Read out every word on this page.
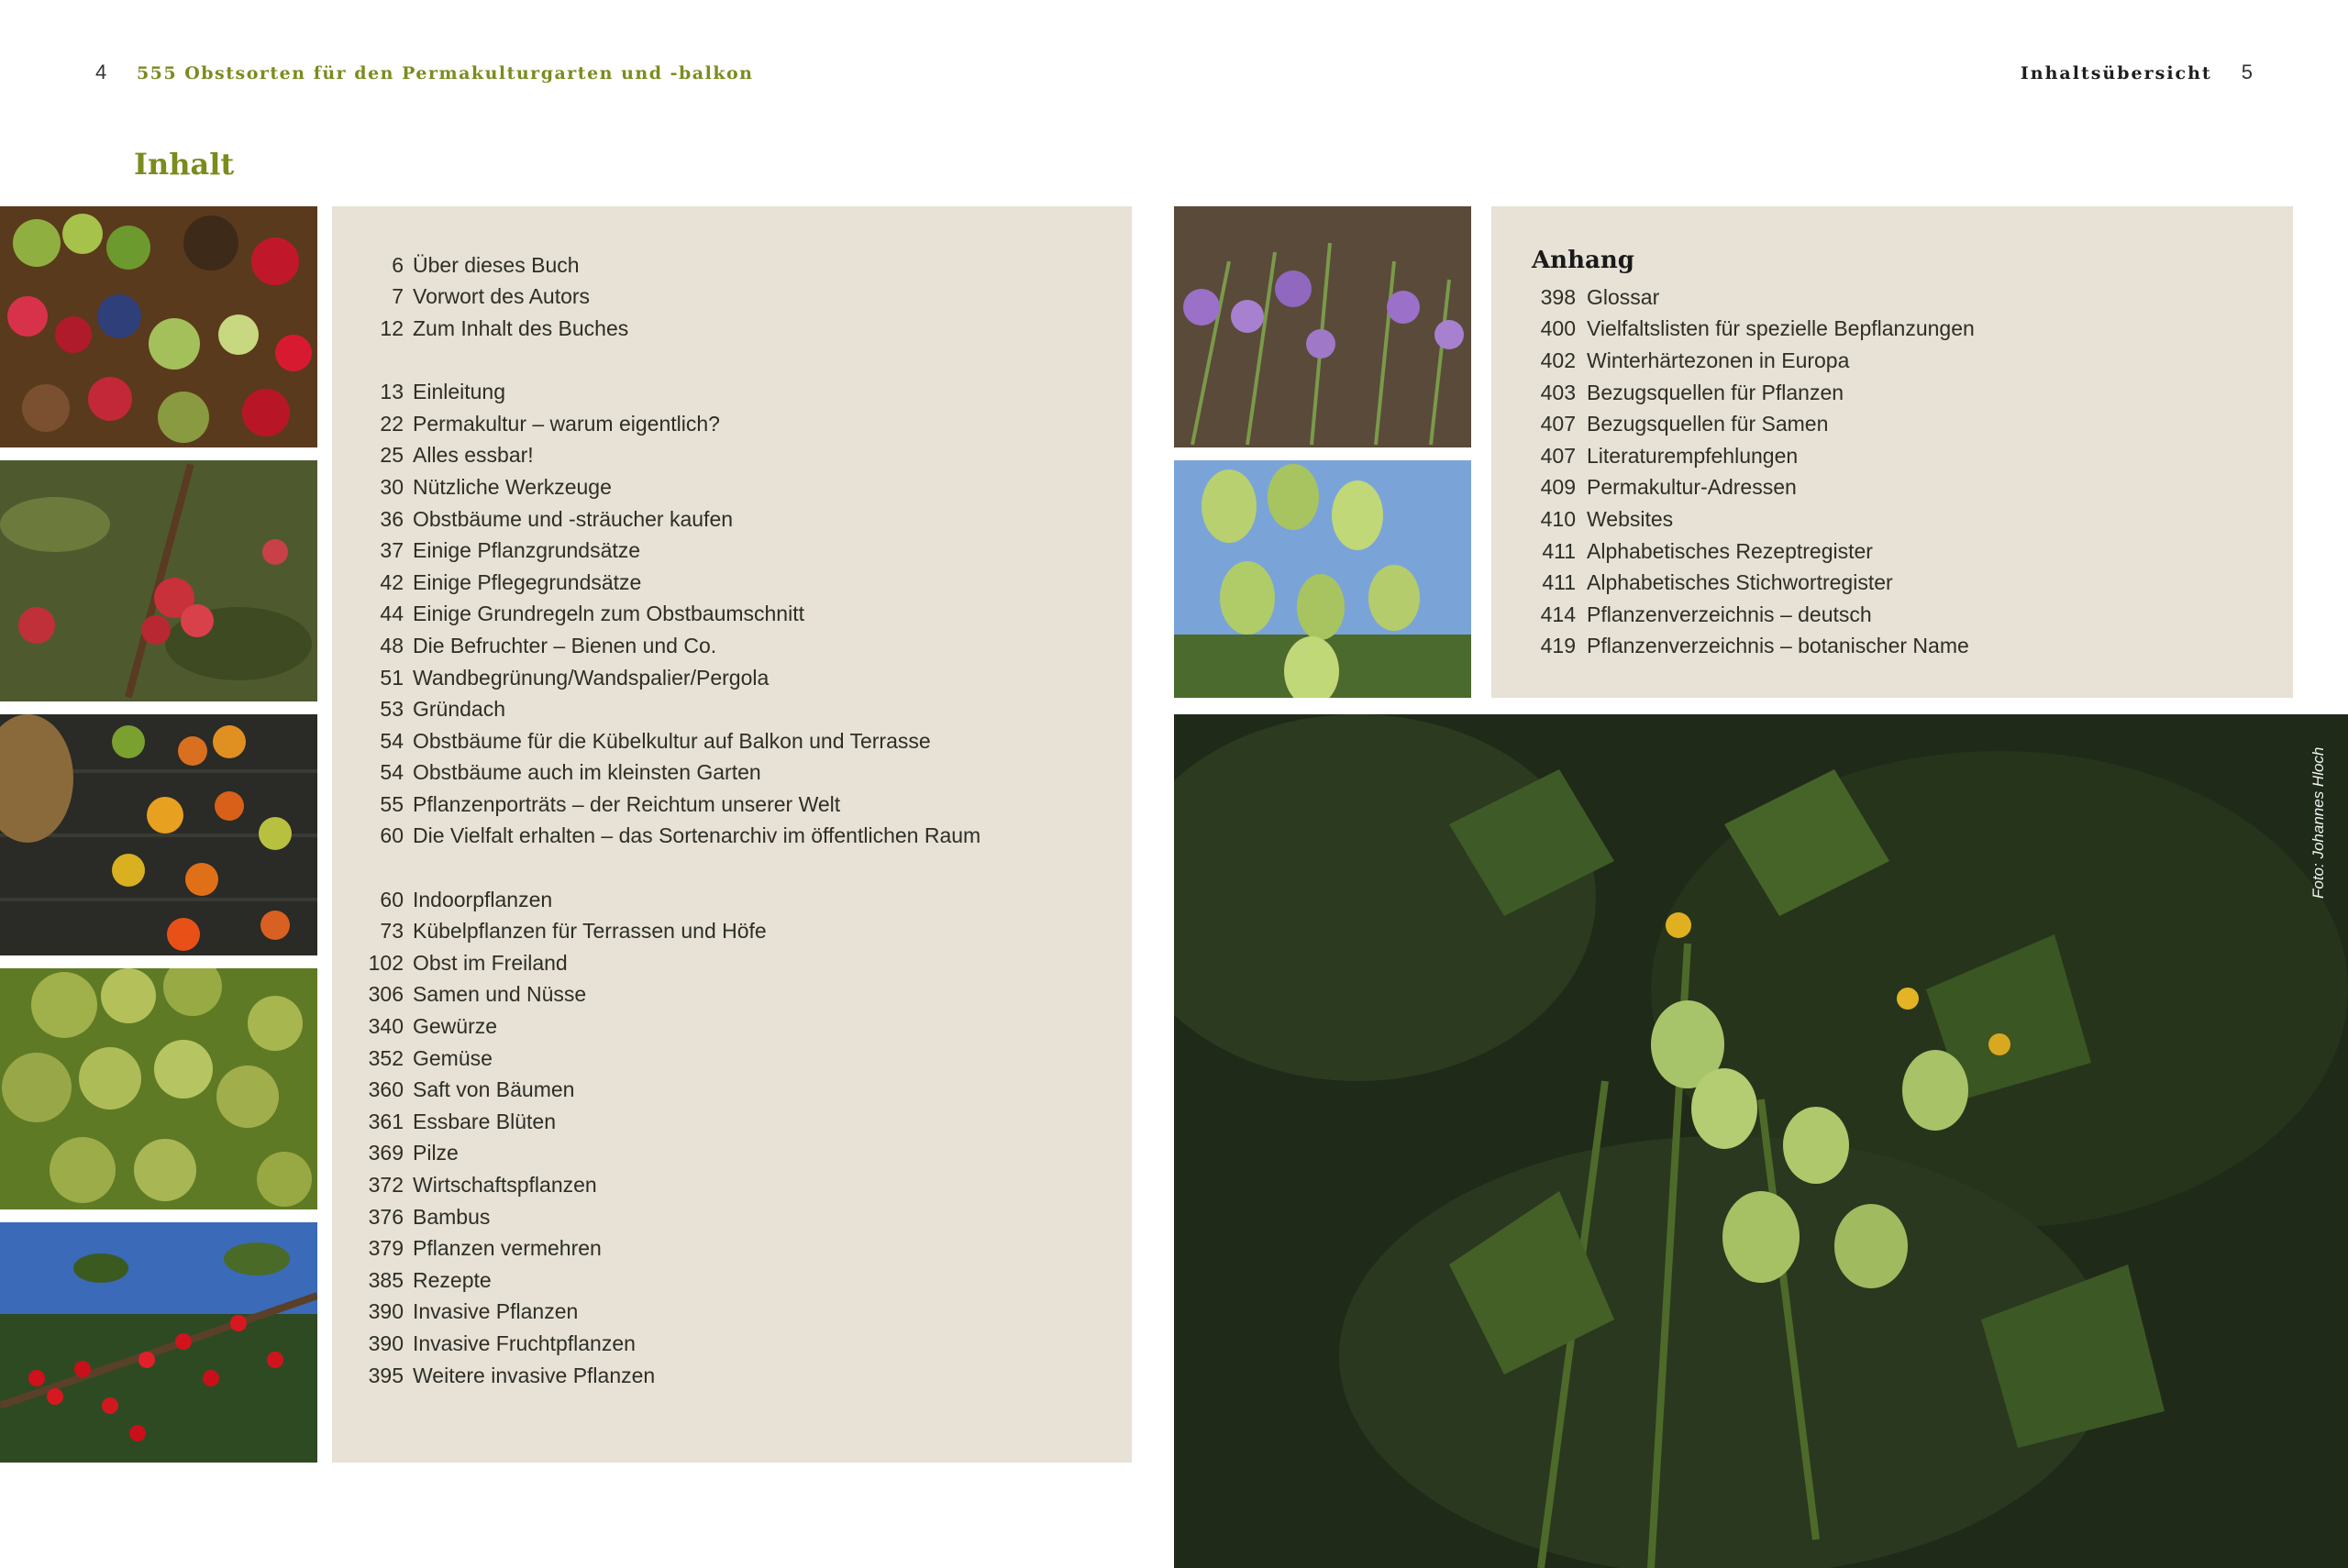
4 555 Obstsorten für den Permakulturgarten und -balkon
Inhalt
6 Über dieses Buch
7 Vorwort des Autors
12 Zum Inhalt des Buches
13 Einleitung
22 Permakultur – warum eigentlich?
25 Alles essbar!
30 Nützliche Werkzeuge
36 Obstbäume und -sträucher kaufen
37 Einige Pflanzgrundsätze
42 Einige Pflegegrundsätze
44 Einige Grundregeln zum Obstbaumschnitt
48 Die Befruchter – Bienen und Co.
51 Wandbegrünung/Wandspalier/Pergola
53 Gründach
54 Obstbäume für die Kübelkultur auf Balkon und Terrasse
54 Obstbäume auch im kleinsten Garten
55 Pflanzenporträts – der Reichtum unserer Welt
60 Die Vielfalt erhalten – das Sortenarchiv im öffentlichen Raum
60 Indoorpflanzen
73 Kübelpflanzen für Terrassen und Höfe
102 Obst im Freiland
306 Samen und Nüsse
340 Gewürze
352 Gemüse
360 Saft von Bäumen
361 Essbare Blüten
369 Pilze
372 Wirtschaftspflanzen
376 Bambus
379 Pflanzen vermehren
385 Rezepte
390 Invasive Pflanzen
390 Invasive Fruchtpflanzen
395 Weitere invasive Pflanzen
Inhaltsübersicht 5
Anhang
398 Glossar
400 Vielfaltslisten für spezielle Bepflanzungen
402 Winterhärtezonen in Europa
403 Bezugsquellen für Pflanzen
407 Bezugsquellen für Samen
407 Literaturempfehlungen
409 Permakultur-Adressen
410 Websites
411 Alphabetisches Rezeptregister
411 Alphabetisches Stichwortregister
414 Pflanzenverzeichnis – deutsch
419 Pflanzenverzeichnis – botanischer Name
Foto: Johannes Hloch
